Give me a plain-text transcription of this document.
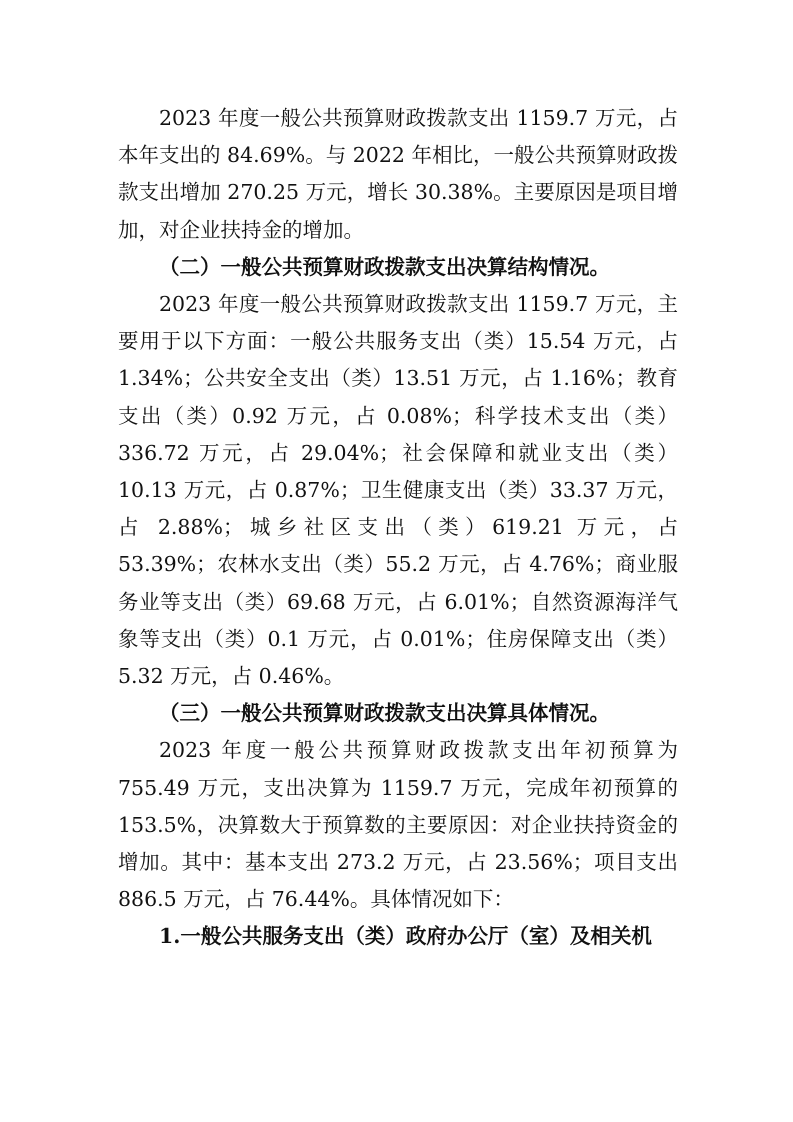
2023 年度一般公共预算财政拨款支出 1159.7 万元，占本年支出的 84.69%。与 2022 年相比，一般公共预算财政拨款支出增加 270.25 万元，增长 30.38%。主要原因是项目增加，对企业扶持金的增加。

（二）一般公共预算财政拨款支出决算结构情况。

2023 年度一般公共预算财政拨款支出 1159.7 万元，主要用于以下方面：一般公共服务支出（类）15.54 万元，占 1.34%；公共安全支出（类）13.51 万元，占 1.16%；教育支出（类）0.92 万元，占 0.08%；科学技术支出（类）336.72 万元，占 29.04%；社会保障和就业支出（类）10.13 万元，占 0.87%；卫生健康支出（类）33.37 万元，占 2.88%；城乡社区支出（类）619.21 万元，占 53.39%；农林水支出（类）55.2 万元，占 4.76%；商业服务业等支出（类）69.68 万元，占 6.01%；自然资源海洋气象等支出（类）0.1 万元，占 0.01%；住房保障支出（类）5.32 万元，占 0.46%。

（三）一般公共预算财政拨款支出决算具体情况。

2023 年度一般公共预算财政拨款支出年初预算为 755.49 万元，支出决算为 1159.7 万元，完成年初预算的 153.5%，决算数大于预算数的主要原因：对企业扶持资金的增加。其中：基本支出 273.2 万元，占 23.56%；项目支出 886.5 万元，占 76.44%。具体情况如下：

1.一般公共服务支出（类）政府办公厅（室）及相关机
